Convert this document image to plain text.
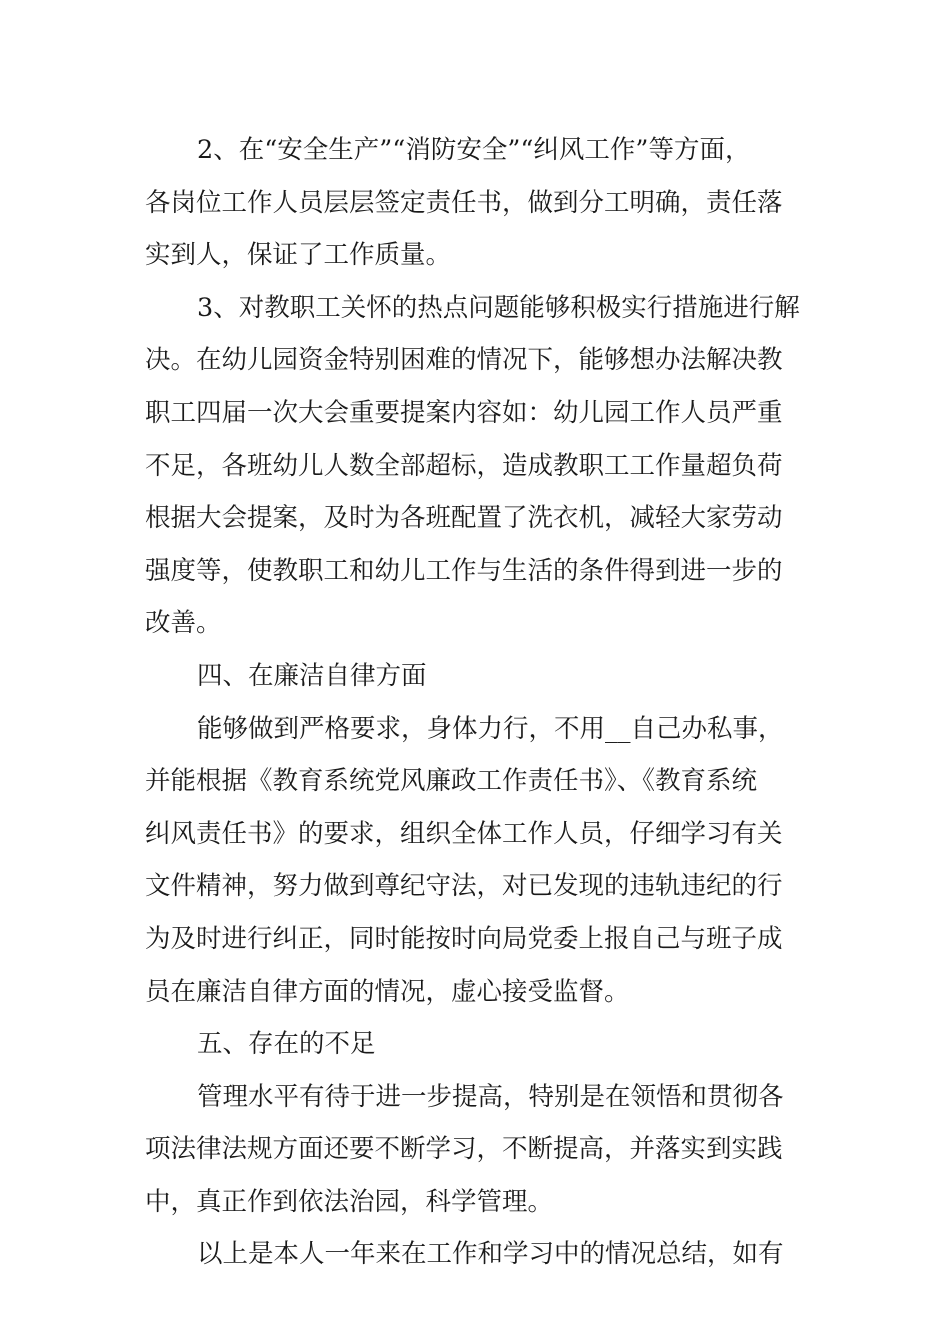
2、在“安全生产”“消防安全”“纠风工作”等方面，
各岗位工作人员层层签定责任书，做到分工明确，责任落
实到人，保证了工作质量。
3、对教职工关怀的热点问题能够积极实行措施进行解
决。在幼儿园资金特别困难的情况下，能够想办法解决教
职工四届一次大会重要提案内容如：幼儿园工作人员严重
不足，各班幼儿人数全部超标，造成教职工工作量超负荷
根据大会提案，及时为各班配置了洗衣机，减轻大家劳动
强度等，使教职工和幼儿工作与生活的条件得到进一步的
改善。
四、在廉洁自律方面
能够做到严格要求，身体力行，不用__自己办私事，
并能根据《教育系统党风廉政工作责任书》、《教育系统
纠风责任书》的要求，组织全体工作人员，仔细学习有关
文件精神，努力做到尊纪守法，对已发现的违轨违纪的行
为及时进行纠正，同时能按时向局党委上报自己与班子成
员在廉洁自律方面的情况，虚心接受监督。
五、存在的不足
管理水平有待于进一步提高，特别是在领悟和贯彻各
项法律法规方面还要不断学习，不断提高，并落实到实践
中，真正作到依法治园，科学管理。
以上是本人一年来在工作和学习中的情况总结，如有
